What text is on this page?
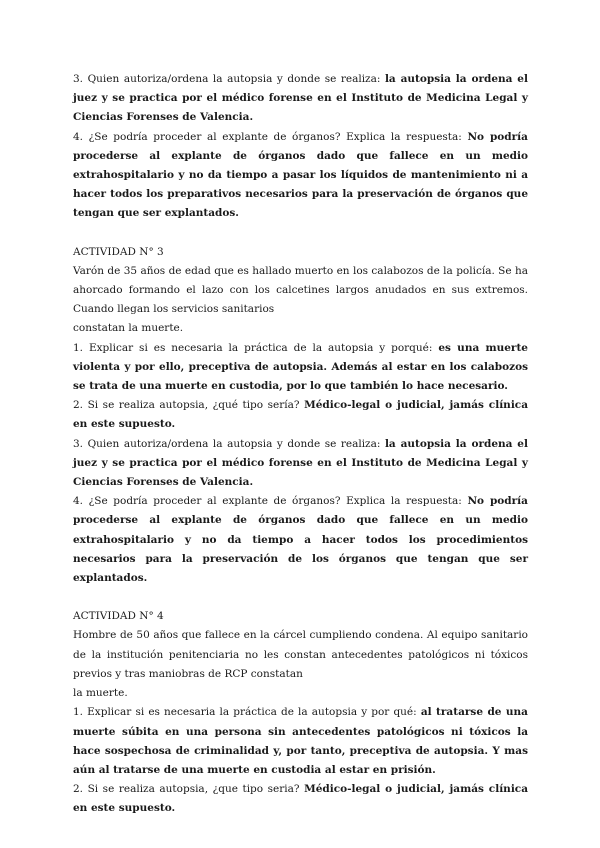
3. Quien autoriza/ordena la autopsia y donde se realiza: la autopsia la ordena el juez y se practica por el médico forense en el Instituto de Medicina Legal y Ciencias Forenses de Valencia.

4. ¿Se podría proceder al explante de órganos? Explica la respuesta: No podría procederse al explante de órganos dado que fallece en un medio extrahospitalario y no da tiempo a pasar los líquidos de mantenimiento ni a hacer todos los preparativos necesarios para la preservación de órganos que tengan que ser explantados.

ACTIVIDAD N° 3

Varón de 35 años de edad que es hallado muerto en los calabozos de la policía. Se ha ahorcado formando el lazo con los calcetines largos anudados en sus extremos. Cuando llegan los servicios sanitarios

constatan la muerte.

1. Explicar si es necesaria la práctica de la autopsia y porqué: es una muerte violenta y por ello, preceptiva de autopsia. Además al estar en los calabozos se trata de una muerte en custodia, por lo que también lo hace necesario.

2. Si se realiza autopsia, ¿qué tipo sería? Médico-legal o judicial, jamás clínica en este supuesto.

3. Quien autoriza/ordena la autopsia y donde se realiza: la autopsia la ordena el juez y se practica por el médico forense en el Instituto de Medicina Legal y Ciencias Forenses de Valencia.

4. ¿Se podría proceder al explante de órganos? Explica la respuesta: No podría procederse al explante de órganos dado que fallece en un medio extrahospitalario y no da tiempo a hacer todos los procedimientos necesarios para la preservación de los órganos que tengan que ser explantados.

ACTIVIDAD N° 4

Hombre de 50 años que fallece en la cárcel cumpliendo condena. Al equipo sanitario de la institución penitenciaria no les constan antecedentes patológicos ni tóxicos previos y tras maniobras de RCP constatan

la muerte.

1. Explicar si es necesaria la práctica de la autopsia y por qué: al tratarse de una muerte súbita en una persona sin antecedentes patológicos ni tóxicos la hace sospechosa de criminalidad y, por tanto, preceptiva de autopsia. Y mas aún al tratarse de una muerte en custodia al estar en prisión.

2. Si se realiza autopsia, ¿que tipo seria? Médico-legal o judicial, jamás clínica en este supuesto.
